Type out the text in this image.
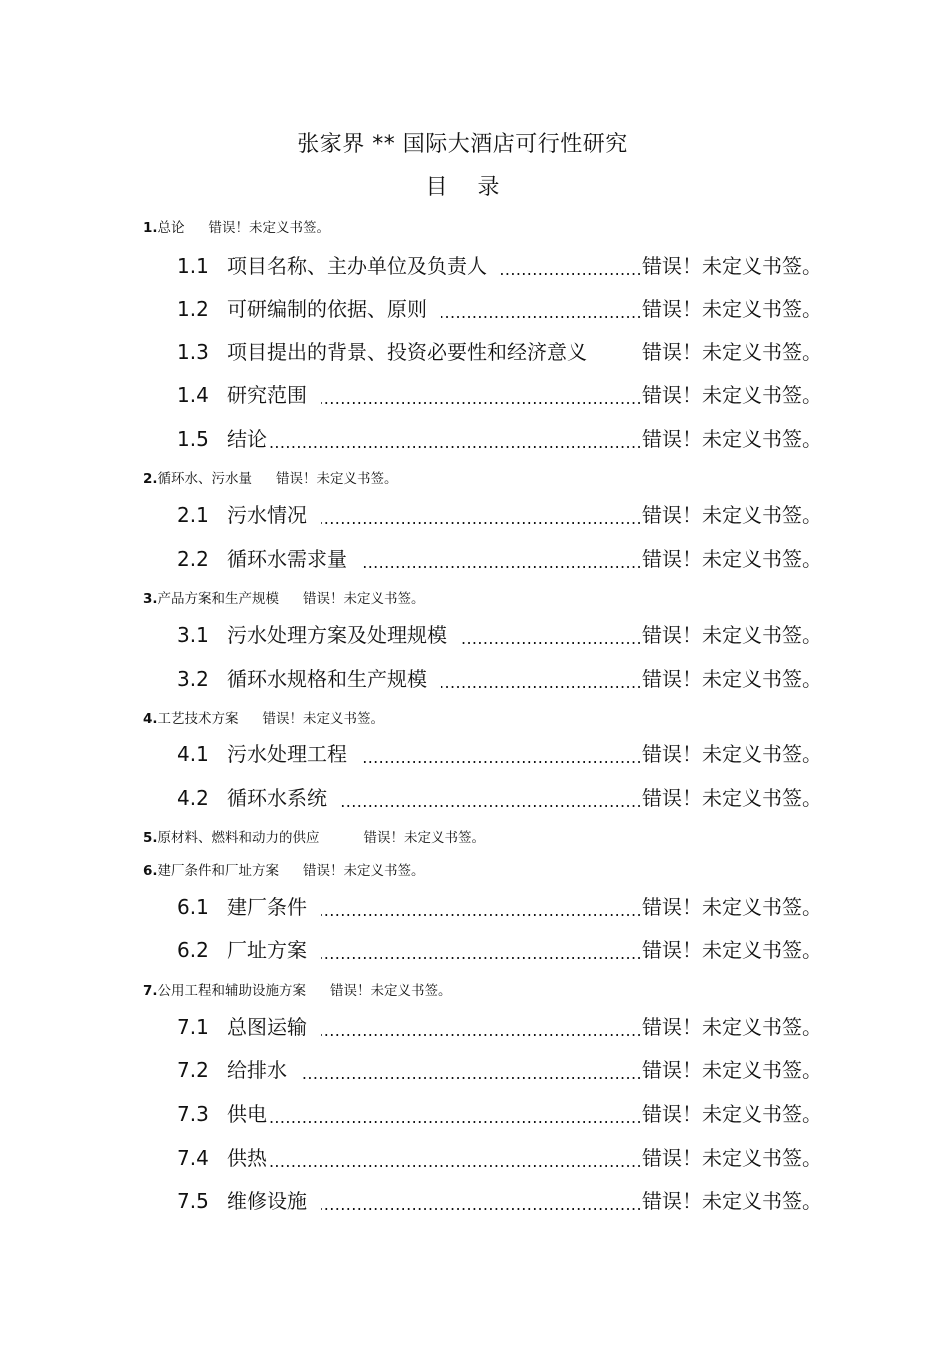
张家界 ** 国际大酒店可行性研究
目录
1.总论 错误！未定义书签。
1.1 项目名称、主办单位及负责人 .....	错误！未定义书签。
1.2 可研编制的依据、原则 .....	错误！未定义书签。
1.3 项目提出的背景、投资必要性和经济意义	错误！未定义书签。
1.4 研究范围 .....	错误！未定义书签。
1.5 结论 .....	错误！未定义书签。
2.循环水、污水量 错误！未定义书签。
2.1 污水情况 .....	错误！未定义书签。
2.2 循环水需求量 .....	错误！未定义书签。
3.产品方案和生产规模 错误！未定义书签。
3.1 污水处理方案及处理规模 .....	错误！未定义书签。
3.2 循环水规格和生产规模 .....	错误！未定义书签。
4.工艺技术方案 错误！未定义书签。
4.1 污水处理工程 .....	错误！未定义书签。
4.2 循环水系统 .....	错误！未定义书签。
5.原材料、燃料和动力的供应	错误！未定义书签。
6.建厂条件和厂址方案 错误！未定义书签。
6.1 建厂条件 .....	错误！未定义书签。
6.2 厂址方案 .....	错误！未定义书签。
7.公用工程和辅助设施方案 错误！未定义书签。
7.1 总图运输 .....	错误！未定义书签。
7.2 给排水 .....	错误！未定义书签。
7.3 供电 .....	错误！未定义书签。
7.4 供热 .....	错误！未定义书签。
7.5 维修设施 .....	错误！未定义书签。
